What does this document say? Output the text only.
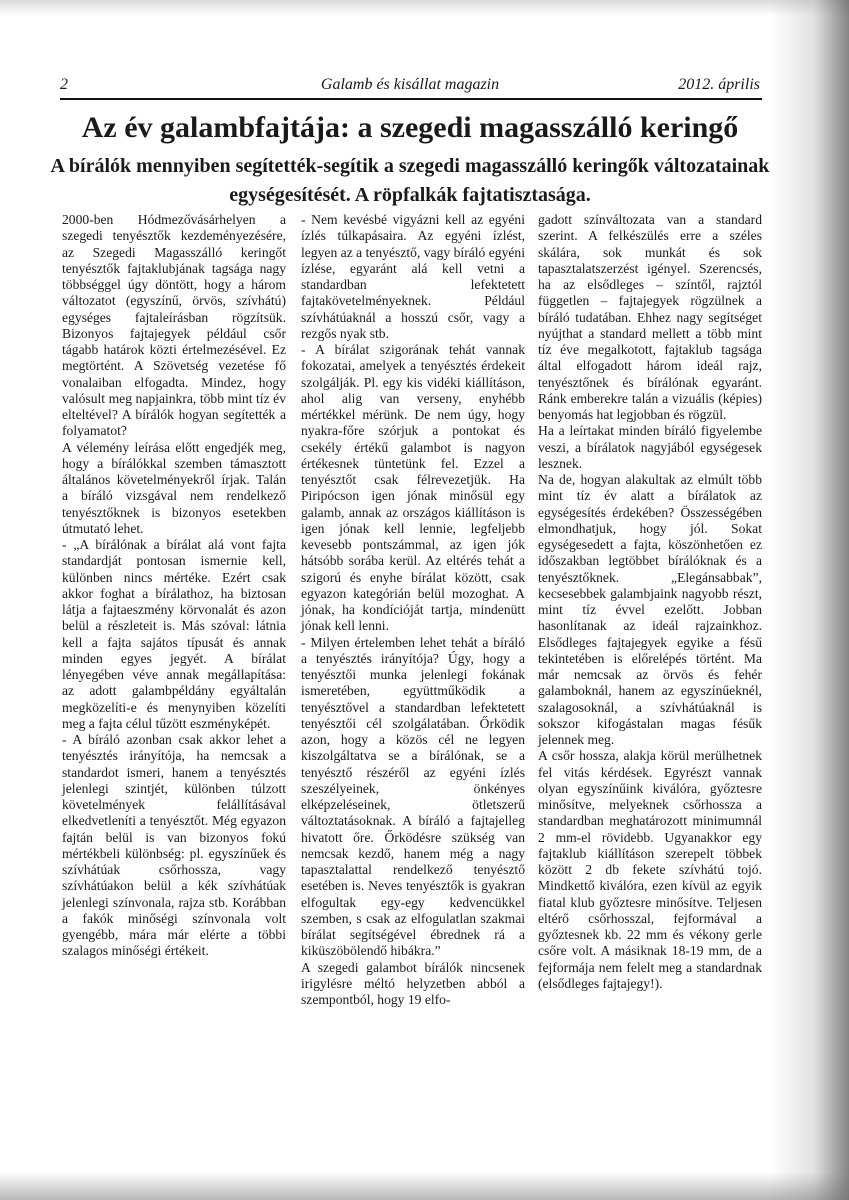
2	Galamb és kisállat magazin	2012. április
Az év galambfajtája: a szegedi magasszálló keringő
A bírálók mennyiben segítették-segítik a szegedi magasszálló keringők változatainak egységesítését. A röpfalkák fajtatisztasága.

2000-ben Hódmezővásárhelyen a szegedi tenyésztők kezdeményezésére, az Szegedi Magasszálló keringőt tenyésztők fajtaklubjának tagsága nagy többséggel úgy döntött, hogy a három változatot (egyszínű, örvös, szívhátú) egységes fajtaleírásban rögzítsük. Bizonyos fajtajegyek például csőr tágabb határok közti értelmezésével. Ez megtörtént. A Szövetség vezetése fő vonalaiban elfogadta. Mindez, hogy valósult meg napjainkra, több mint tíz év elteltével? A bírálók hogyan segítették a folyamatot?

A vélemény leírása előtt engedjék meg, hogy a bírálókkal szemben támasztott általános követelményekről írjak. Talán a bíráló vizsgával nem rendelkező tenyésztőknek is bizonyos esetekben útmutató lehet.

- „A bírálónak a bírálat alá vont fajta standardját pontosan ismernie kell, különben nincs mértéke. Ezért csak akkor foghat a bírálathoz, ha biztosan látja a fajtaeszmény körvonalát és azon belül a részleteit is. Más szóval: látnia kell a fajta sajátos típusát és annak minden egyes jegyét. A bírálat lényegében véve annak megállapítása: az adott galambpéldány egyáltalán megközelíti-e és menynyiben közelíti meg a fajta célul tűzött eszményképét.

- A bíráló azonban csak akkor lehet a tenyésztés irányítója, ha nemcsak a standardot ismeri, hanem a tenyésztés jelenlegi szintjét, különben túlzott követelmények felállításával elkedvetleníti a tenyésztőt. Még egyazon fajtán belül is van bizonyos fokú mértékbeli különbség: pl. egyszínűek és szívhátúak csőrhossza, vagy szívhátúakon belül a kék szívhátúak jelenlegi színvonala, rajza stb. Korábban a fakók minőségi színvonala volt gyengébb, mára már elérte a többi szalagos minőségi értékeit.

- Nem kevésbé vigyázni kell az egyéni ízlés túlkapásaira. Az egyéni ízlést, legyen az a tenyésztő, vagy bíráló egyéni ízlése, egyaránt alá kell vetni a standardban lefektetett fajtakövetelményeknek. Például szívhátúaknál a hosszú csőr, vagy a rezgős nyak stb.

- A bírálat szigorának tehát vannak fokozatai, amelyek a tenyésztés érdekeit szolgálják. Pl. egy kis vidéki kiállításon, ahol alig van verseny, enyhébb mértékkel mérünk. De nem úgy, hogy nyakra-főre szórjuk a pontokat és csekély értékű galambot is nagyon értékesnek tüntetünk fel. Ezzel a tenyésztőt csak félrevezetjük. Ha Piripócson igen jónak minősül egy galamb, annak az országos kiállításon is igen jónak kell lennie, legfeljebb kevesebb pontszámmal, az igen jók hátsóbb sorába kerül. Az eltérés tehát a szigorú és enyhe bírálat között, csak egyazon kategórián belül mozoghat. A jónak, ha kondícióját tartja, mindenütt jónak kell lenni.

- Milyen értelemben lehet tehát a bíráló a tenyésztés irányítója? Úgy, hogy a tenyésztői munka jelenlegi fokának ismeretében, együttműködik a tenyésztővel a standardban lefektetett tenyésztői cél szolgálatában. Őrködik azon, hogy a közös cél ne legyen kiszolgáltatva se a bírálónak, se a tenyésztő részéről az egyéni ízlés szeszélyeinek, önkényes elképzeléseinek, ötletszerű változtatásoknak. A bíráló a fajtajelleg hivatott őre. Őrködésre szükség van nemcsak kezdő, hanem még a nagy tapasztalattal rendelkező tenyésztő esetében is. Neves tenyésztők is gyakran elfogultak egy-egy kedvencükkel szemben, s csak az elfogulatlan szakmai bírálat segítségével ébrednek rá a kiküszöbölendő hibákra.”

A szegedi galambot bírálók nincsenek irigylésre méltó helyzetben abból a szempontból, hogy 19 elfo-

gadott színváltozata van a standard szerint. A felkészülés erre a széles skálára, sok munkát és sok tapasztalatszerzést igényel. Szerencsés, ha az elsődleges – színtől, rajztól független – fajtajegyek rögzülnek a bíráló tudatában. Ehhez nagy segítséget nyújthat a standard mellett a több mint tíz éve megalkotott, fajtaklub tagsága által elfogadott három ideál rajz, tenyésztőnek és bírálónak egyaránt. Ránk emberekre talán a vizuális (képies) benyomás hat legjobban és rögzül.

Ha a leírtakat minden bíráló figyelembe veszi, a bírálatok nagyjából egységesek lesznek.

Na de, hogyan alakultak az elmúlt több mint tíz év alatt a bírálatok az egységesítés érdekében? Összességében elmondhatjuk, hogy jól. Sokat egységesedett a fajta, köszönhetően ez időszakban legtöbbet bírálóknak és a tenyésztőknek. „Elegánsabbak”, kecsesebbek galambjaink nagyobb részt, mint tíz évvel ezelőtt. Jobban hasonlítanak az ideál rajzainkhoz. Elsődleges fajtajegyek egyike a fésű tekintetében is előrelépés történt. Ma már nemcsak az örvös és fehér galamboknál, hanem az egyszínűeknél, szalagosoknál, a szívhátúaknál is sokszor kifogástalan magas fésűk jelennek meg.

A csőr hossza, alakja körül merülhetnek fel vitás kérdések. Egyrészt vannak olyan egyszínűink kiválóra, győztesre minősítve, melyeknek csőrhossza a standardban meghatározott minimumnál 2 mm-el rövidebb. Ugyanakkor egy fajtaklub kiállításon szerepelt többek között 2 db fekete szívhátú tojó. Mindkettő kiválóra, ezen kívül az egyik fiatal klub győztesre minősítve. Teljesen eltérő csőrhosszal, fejformával a győztesnek kb. 22 mm és vékony gerle csőre volt. A másiknak 18-19 mm, de a fejformája nem felelt meg a standardnak (elsődleges fajtajegy!).
